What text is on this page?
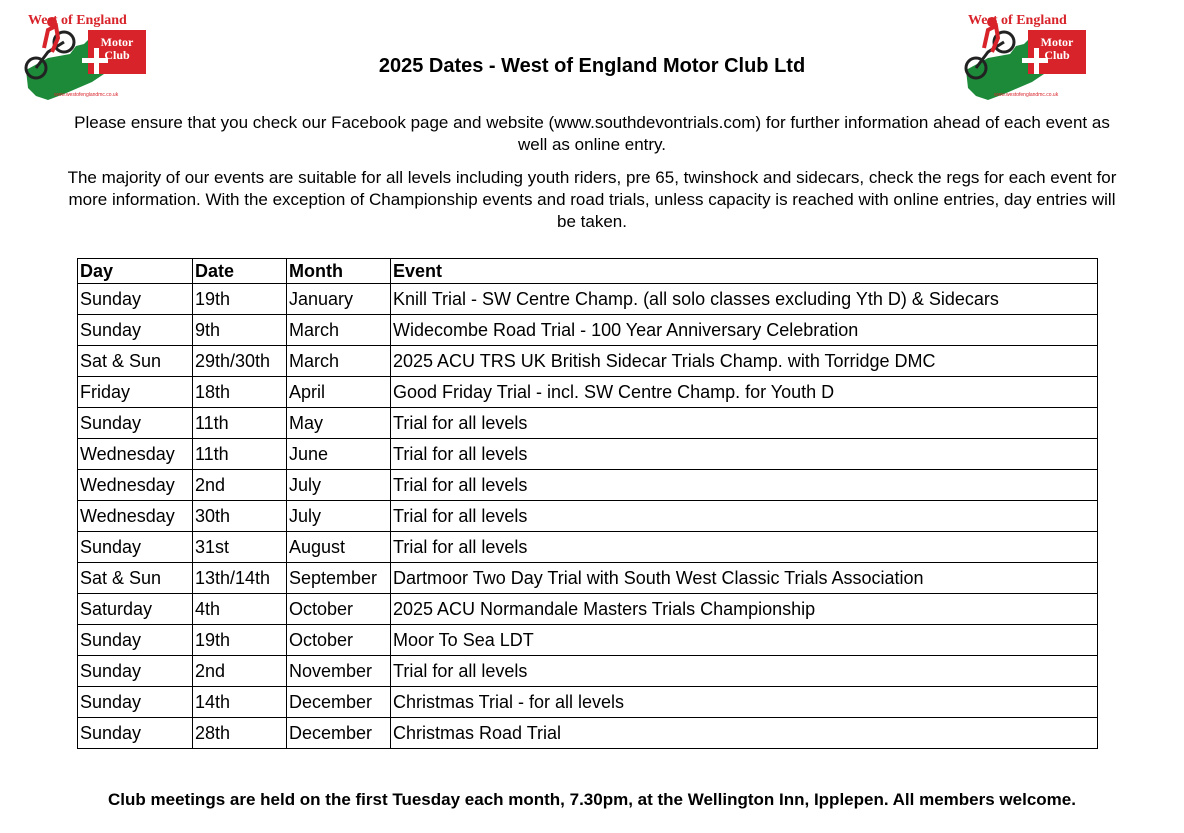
West of England
Motor
Club
www.westofenglandmc.co.uk
West of England
Motor
Club
www.westofenglandmc.co.uk
2025 Dates - West of England Motor Club Ltd
Please ensure that you check our Facebook page and website (www.southdevontrials.com) for further information ahead of each event as
well as online entry.
The majority of our events are suitable for all levels including youth riders, pre 65, twinshock and sidecars, check the regs for each event for
more information. With the exception of Championship events and road trials, unless capacity is reached with online entries, day entries will
be taken.
Day	Date	Month	Event
Sunday	19th	January	Knill Trial - SW Centre Champ. (all solo classes excluding Yth D) & Sidecars
Sunday	9th	March	Widecombe Road Trial - 100 Year Anniversary Celebration
Sat & Sun	29th/30th	March	2025 ACU TRS UK British Sidecar Trials Champ. with Torridge DMC
Friday	18th	April	Good Friday Trial - incl. SW Centre Champ. for Youth D
Sunday	11th	May	Trial for all levels
Wednesday	11th	June	Trial for all levels
Wednesday	2nd	July	Trial for all levels
Wednesday	30th	July	Trial for all levels
Sunday	31st	August	Trial for all levels
Sat & Sun	13th/14th	September	Dartmoor Two Day Trial with South West Classic Trials Association
Saturday	4th	October	2025 ACU Normandale Masters Trials Championship
Sunday	19th	October	Moor To Sea LDT
Sunday	2nd	November	Trial for all levels
Sunday	14th	December	Christmas Trial - for all levels
Sunday	28th	December	Christmas Road Trial
Club meetings are held on the first Tuesday each month, 7.30pm, at the Wellington Inn, Ipplepen. All members welcome.
